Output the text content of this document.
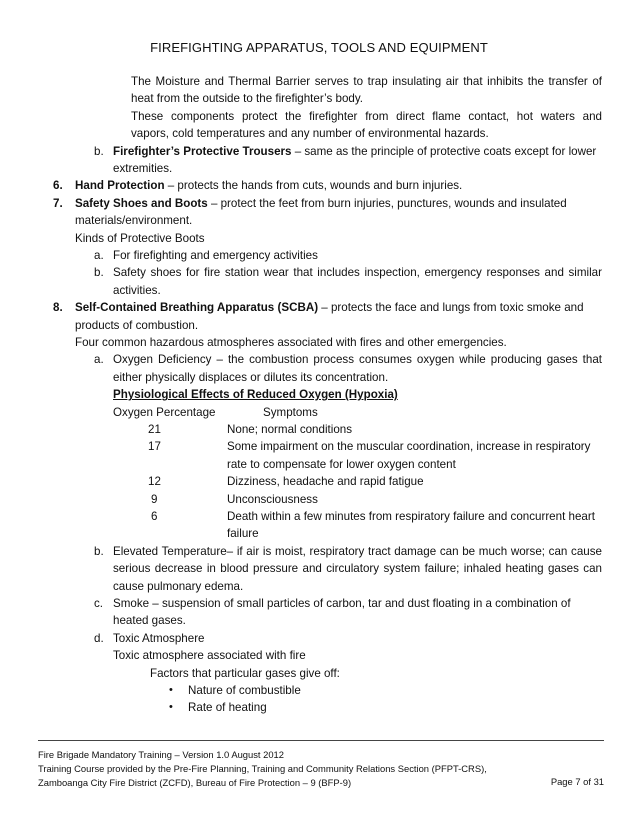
FIREFIGHTING APPARATUS, TOOLS AND EQUIPMENT
The Moisture and Thermal Barrier serves to trap insulating air that inhibits the transfer of
heat from the outside to the firefighter’s body.
These components protect the firefighter from direct flame contact, hot waters and
vapors, cold temperatures and any number of environmental hazards.
b. Firefighter’s Protective Trousers – same as the principle of protective coats except for lower
extremities.
6. Hand Protection – protects the hands from cuts, wounds and burn injuries.
7. Safety Shoes and Boots – protect the feet from burn injuries, punctures, wounds and insulated
materials/environment.
Kinds of Protective Boots
a. For firefighting and emergency activities
b. Safety shoes for fire station wear that includes inspection, emergency responses and similar
activities.
8. Self-Contained Breathing Apparatus (SCBA) – protects the face and lungs from toxic smoke and
products of combustion.
Four common hazardous atmospheres associated with fires and other emergencies.
a. Oxygen Deficiency – the combustion process consumes oxygen while producing gases that
either physically displaces or dilutes its concentration.
Physiological Effects of Reduced Oxygen (Hypoxia)
Oxygen Percentage	Symptoms
21	None; normal conditions
17	Some impairment on the muscular coordination, increase in respiratory
rate to compensate for lower oxygen content
12	Dizziness, headache and rapid fatigue
9	Unconsciousness
6	Death within a few minutes from respiratory failure and concurrent heart
failure
b. Elevated Temperature– if air is moist, respiratory tract damage can be much worse; can cause
serious decrease in blood pressure and circulatory system failure; inhaled heating gases can
cause pulmonary edema.
c. Smoke – suspension of small particles of carbon, tar and dust floating in a combination of
heated gases.
d. Toxic Atmosphere
Toxic atmosphere associated with fire
Factors that particular gases give off:
• Nature of combustible
• Rate of heating
Fire Brigade Mandatory Training – Version 1.0 August 2012
Training Course provided by the Pre-Fire Planning, Training and Community Relations Section (PFPT-CRS),
Zamboanga City Fire District (ZCFD), Bureau of Fire Protection – 9 (BFP-9)	Page 7 of 31
